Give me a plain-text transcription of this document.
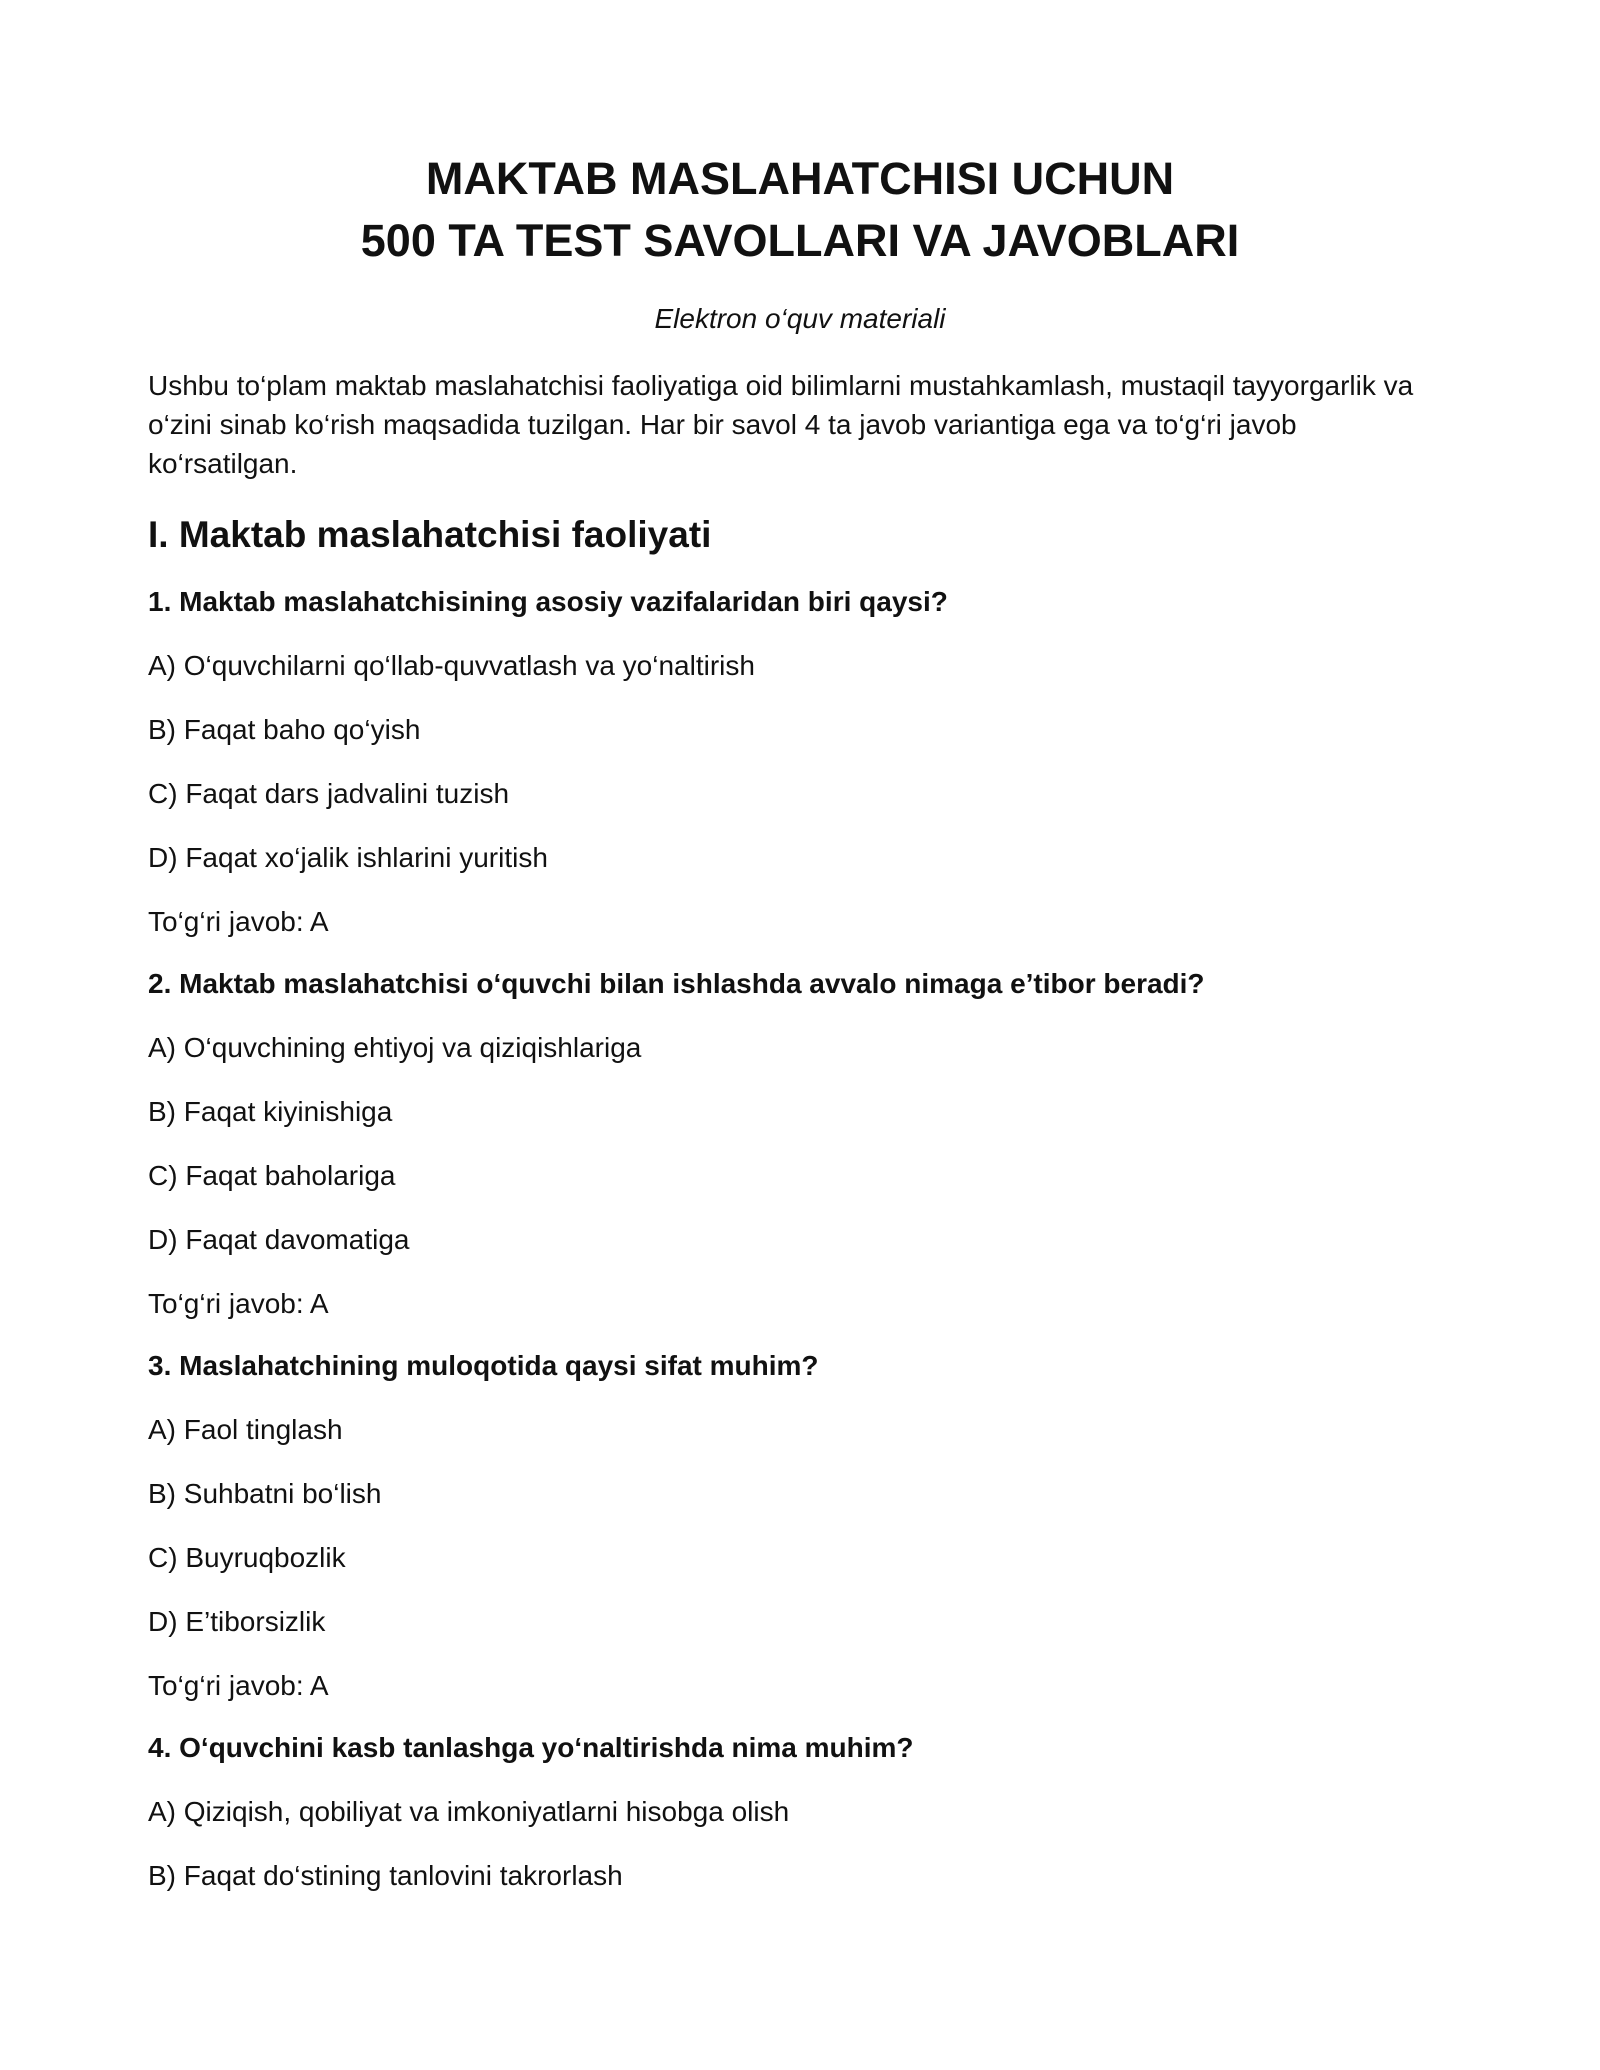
MAKTAB MASLAHATCHISI UCHUN
500 TA TEST SAVOLLARI VA JAVOBLARI
Elektron o‘quv materiali

Ushbu to‘plam maktab maslahatchisi faoliyatiga oid bilimlarni mustahkamlash, mustaqil tayyorgarlik va o‘zini sinab ko‘rish maqsadida tuzilgan. Har bir savol 4 ta javob variantiga ega va to‘g‘ri javob ko‘rsatilgan.

I. Maktab maslahatchisi faoliyati
1. Maktab maslahatchisining asosiy vazifalaridan biri qaysi?
A) O‘quvchilarni qo‘llab-quvvatlash va yo‘naltirish
B) Faqat baho qo‘yish
C) Faqat dars jadvalini tuzish
D) Faqat xo‘jalik ishlarini yuritish
To‘g‘ri javob: A
2. Maktab maslahatchisi o‘quvchi bilan ishlashda avvalo nimaga e’tibor beradi?
A) O‘quvchining ehtiyoj va qiziqishlariga
B) Faqat kiyinishiga
C) Faqat baholariga
D) Faqat davomatiga
To‘g‘ri javob: A
3. Maslahatchining muloqotida qaysi sifat muhim?
A) Faol tinglash
B) Suhbatni bo‘lish
C) Buyruqbozlik
D) E’tiborsizlik
To‘g‘ri javob: A
4. O‘quvchini kasb tanlashga yo‘naltirishda nima muhim?
A) Qiziqish, qobiliyat va imkoniyatlarni hisobga olish
B) Faqat do‘stining tanlovini takrorlash
